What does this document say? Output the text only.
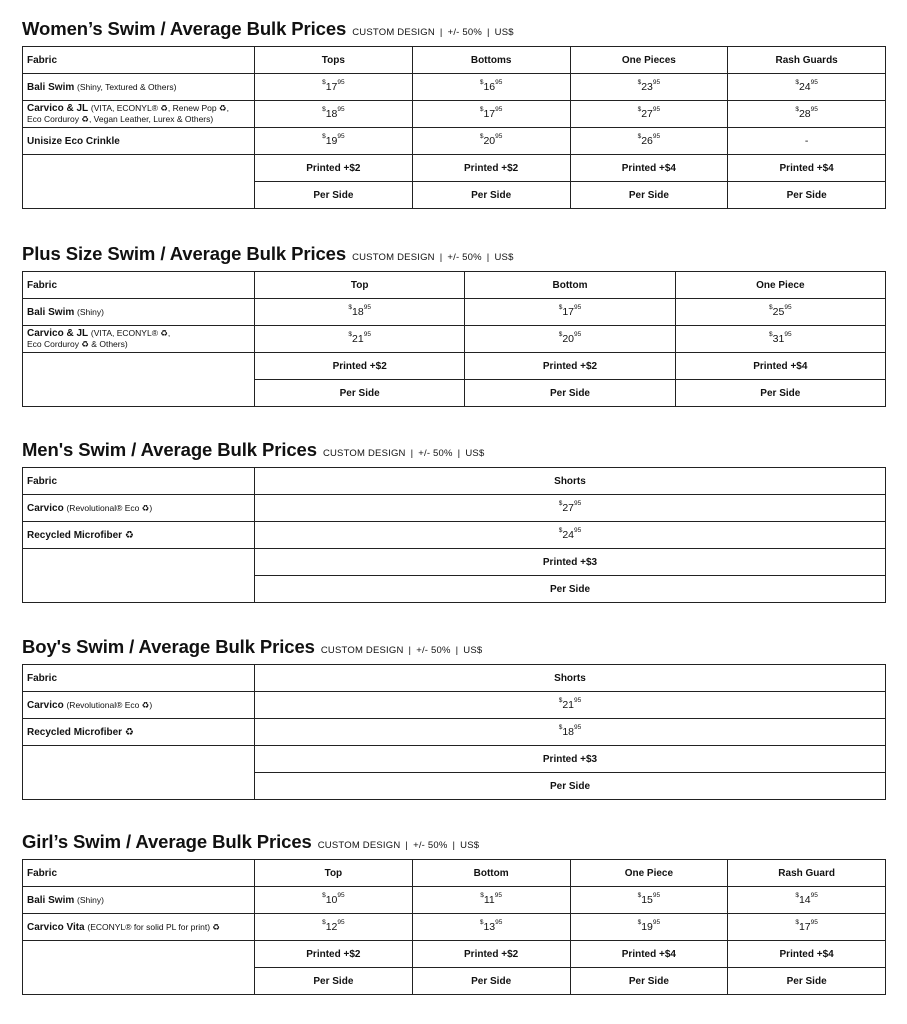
Women’s Swim / Average Bulk Prices CUSTOM DESIGN | +/- 50% | US$
Fabric	Tops	Bottoms	One Pieces	Rash Guards
Bali Swim (Shiny, Textured & Others)	$^{\$}17^{95}$	$^{\$}16^{95}$	$^{\$}23^{95}$	$^{\$}24^{95}$
Carvico & JL (VITA, ECONYL® ♻, Renew Pop ♻,
Eco Corduroy ♻, Vegan Leather, Lurex & Others)	$^{\$}18^{95}$	$^{\$}17^{95}$	$^{\$}27^{95}$	$^{\$}28^{95}$
Unisize Eco Crinkle	$^{\$}19^{95}$	$^{\$}20^{95}$	$^{\$}26^{95}$	-
	Printed +$2	Printed +$2	Printed +$4	Printed +$4
	Per Side	Per Side	Per Side	Per Side
Plus Size Swim / Average Bulk Prices CUSTOM DESIGN | +/- 50% | US$
Fabric	Top	Bottom	One Piece
Bali Swim (Shiny)	$^{\$}18^{95}$	$^{\$}17^{95}$	$^{\$}25^{95}$
Carvico & JL (VITA, ECONYL® ♻,
Eco Corduroy ♻ & Others)	$^{\$}21^{95}$	$^{\$}20^{95}$	$^{\$}31^{95}$
	Printed +$2	Printed +$2	Printed +$4
	Per Side	Per Side	Per Side
Men's Swim / Average Bulk Prices CUSTOM DESIGN | +/- 50% | US$
Fabric	Shorts
Carvico (Revolutional® Eco ♻)	$^{\$}27^{95}$
Recycled Microfiber ♻	$^{\$}24^{95}$
	Printed +$3
	Per Side
Boy's Swim / Average Bulk Prices CUSTOM DESIGN | +/- 50% | US$
Fabric	Shorts
Carvico (Revolutional® Eco ♻)	$^{\$}21^{95}$
Recycled Microfiber ♻	$^{\$}18^{95}$
	Printed +$3
	Per Side
Girl’s Swim / Average Bulk Prices CUSTOM DESIGN | +/- 50% | US$
Fabric	Top	Bottom	One Piece	Rash Guard
Bali Swim (Shiny)	$^{\$}10^{95}$	$^{\$}11^{95}$	$^{\$}15^{95}$	$^{\$}14^{95}$
Carvico Vita (ECONYL® for solid PL for print) ♻	$^{\$}12^{95}$	$^{\$}13^{95}$	$^{\$}19^{95}$	$^{\$}17^{95}$
	Printed +$2	Printed +$2	Printed +$4	Printed +$4
	Per Side	Per Side	Per Side	Per Side
